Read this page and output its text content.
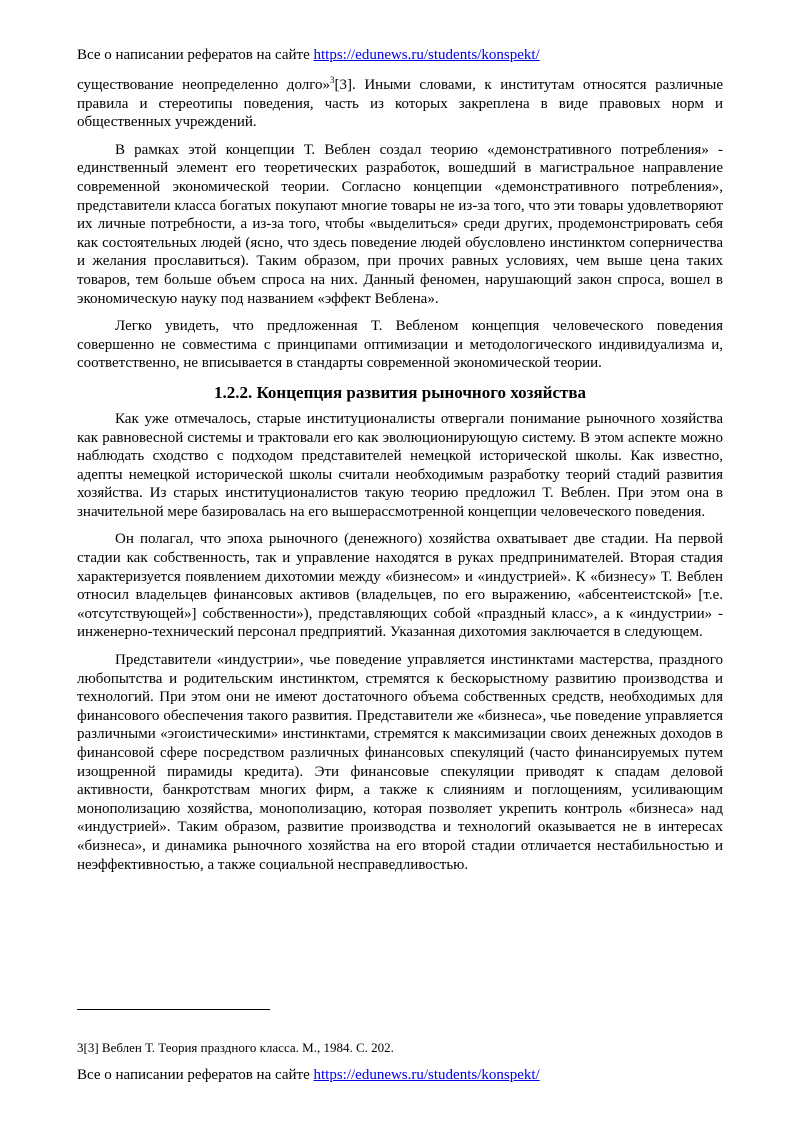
Все о написании рефератов на сайте https://edunews.ru/students/konspekt/

существование неопределенно долго»$^3$[3]. Иными словами, к институтам относятся различные правила и стереотипы поведения, часть из которых закреплена в виде правовых норм и общественных учреждений.

В рамках этой концепции Т. Веблен создал теорию «демонстративного потребления» - единственный элемент его теоретических разработок, вошедший в магистральное направление современной экономической теории. Согласно концепции «демонстративного потребления», представители класса богатых покупают многие товары не из-за того, что эти товары удовлетворяют их личные потребности, а из-за того, чтобы «выделиться» среди других, продемонстрировать себя как состоятельных людей (ясно, что здесь поведение людей обусловлено инстинктом соперничества и желания прославиться). Таким образом, при прочих равных условиях, чем выше цена таких товаров, тем больше объем спроса на них. Данный феномен, нарушающий закон спроса, вошел в экономическую науку под названием «эффект Веблена».

Легко увидеть, что предложенная Т. Вебленом концепция человеческого поведения совершенно не совместима с принципами оптимизации и методологического индивидуализма и, соответственно, не вписывается в стандарты современной экономической теории.

1.2.2. Концепция развития рыночного хозяйства

Как уже отмечалось, старые институционалисты отвергали понимание рыночного хозяйства как равновесной системы и трактовали его как эволюционирующую систему. В этом аспекте можно наблюдать сходство с подходом представителей немецкой исторической школы. Как известно, адепты немецкой исторической школы считали необходимым разработку теорий стадий развития хозяйства. Из старых институционалистов такую теорию предложил Т. Веблен. При этом она в значительной мере базировалась на его вышерассмотренной концепции человеческого поведения.

Он полагал, что эпоха рыночного (денежного) хозяйства охватывает две стадии. На первой стадии как собственность, так и управление находятся в руках предпринимателей. Вторая стадия характеризуется появлением дихотомии между «бизнесом» и «индустрией». К «бизнесу» Т. Веблен относил владельцев финансовых активов (владельцев, по его выражению, «абсентеистской» [т.е. «отсутствующей»] собственности»), представляющих собой «праздный класс», а к «индустрии» - инженерно-технический персонал предприятий. Указанная дихотомия заключается в следующем.

Представители «индустрии», чье поведение управляется инстинктами мастерства, праздного любопытства и родительским инстинктом, стремятся к бескорыстному развитию производства и технологий. При этом они не имеют достаточного объема собственных средств, необходимых для финансового обеспечения такого развития. Представители же «бизнеса», чье поведение управляется различными «эгоистическими» инстинктами, стремятся к максимизации своих денежных доходов в финансовой сфере посредством различных финансовых спекуляций (часто финансируемых путем изощренной пирамиды кредита). Эти финансовые спекуляции приводят к спадам деловой активности, банкротствам многих фирм, а также к слияниям и поглощениям, усиливающим монополизацию хозяйства, монополизацию, которая позволяет укрепить контроль «бизнеса» над «индустрией». Таким образом, развитие производства и технологий оказывается не в интересах «бизнеса», и динамика рыночного хозяйства на его второй стадии отличается нестабильностью и неэффективностью, а также социальной несправедливостью.

3[3] Веблен Т. Теория праздного класса. М., 1984. С. 202.
Все о написании рефератов на сайте https://edunews.ru/students/konspekt/
